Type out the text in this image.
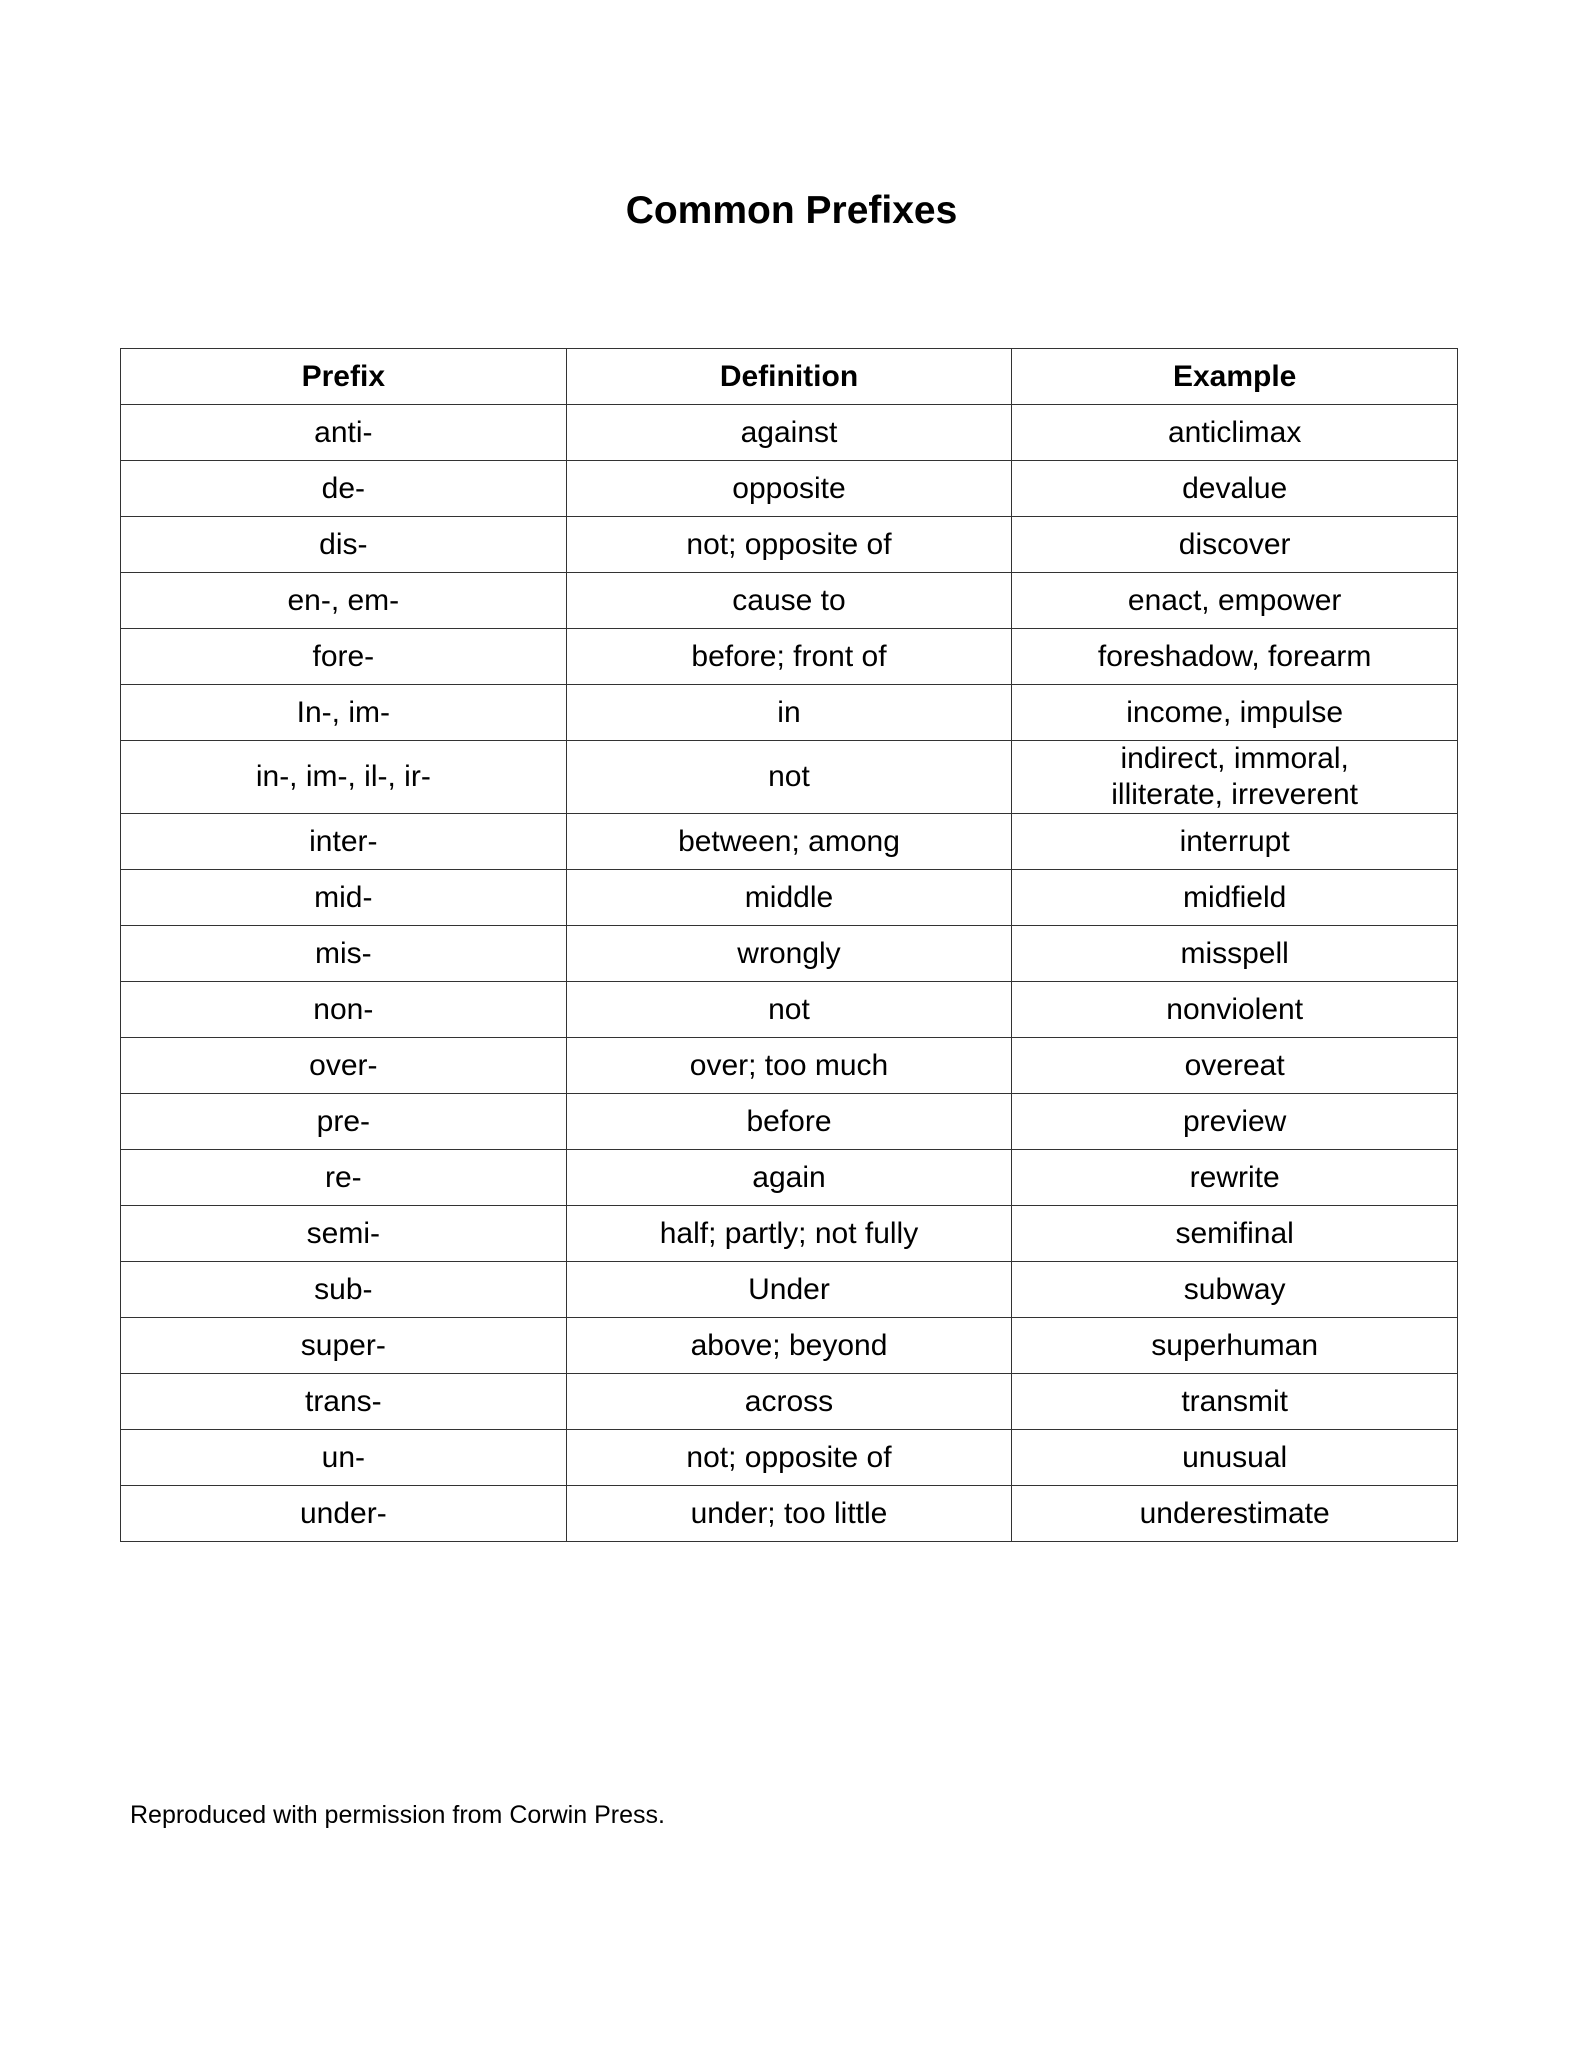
Common Prefixes
Prefix	Definition	Example
anti-	against	anticlimax

de-	opposite	devalue

dis-	not; opposite of	discover

en-, em-	cause to	enact, empower

fore-	before; front of	foreshadow, forearm

In-, im-	in	income, impulse

in-, im-, il-, ir-	not	indirect, immoral,
illiterate, irreverent

inter-	between; among	interrupt

mid-	middle	midfield

mis-	wrongly	misspell

non-	not	nonviolent

over-	over; too much	overeat

pre-	before	preview

re-	again	rewrite

semi-	half; partly; not fully	semifinal

sub-	Under	subway

super-	above; beyond	superhuman

trans-	across	transmit

un-	not; opposite of	unusual

under-	under; too little	underestimate

Reproduced with permission from Corwin Press.
